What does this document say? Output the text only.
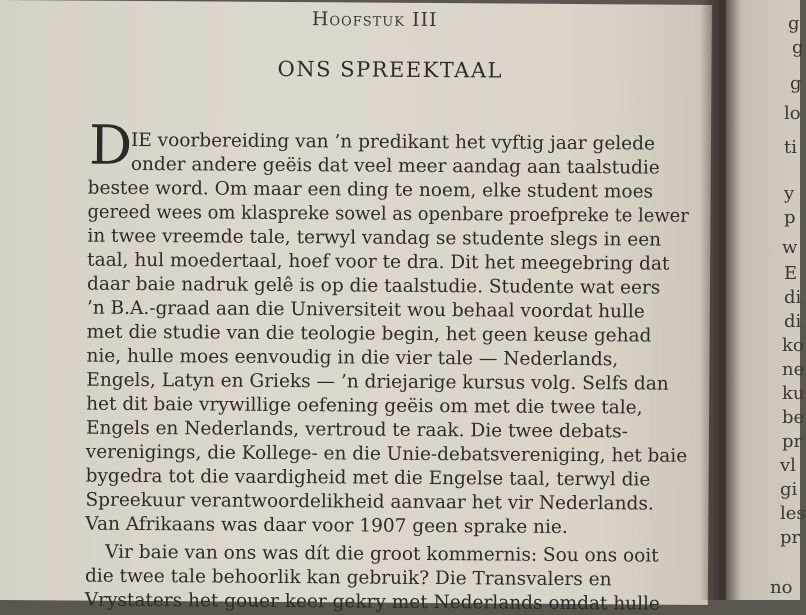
g
g
g
lo
ti
y
p
w
E
di
di
ko
ne
ku
be
pr
vl
gi
les
pr
no
Hoofstuk III
ONS SPREEKTAAL
D
IE voorbereiding van ’n predikant het vyftig jaar gelede
onder andere geëis dat veel meer aandag aan taalstudie
bestee word. Om maar een ding te noem, elke student moes
gereed wees om klaspreke sowel as openbare proefpreke te lewer
in twee vreemde tale, terwyl vandag se studente slegs in een
taal, hul moedertaal, hoef voor te dra. Dit het meegebring dat
daar baie nadruk gelê is op die taalstudie. Studente wat eers
’n B.A.-graad aan die Universiteit wou behaal voordat hulle
met die studie van die teologie begin, het geen keuse gehad
nie, hulle moes eenvoudig in die vier tale — Nederlands,
Engels, Latyn en Grieks — ’n driejarige kursus volg. Selfs dan
het dit baie vrywillige oefening geëis om met die twee tale,
Engels en Nederlands, vertroud te raak. Die twee debats-
verenigings, die Kollege- en die Unie-debatsvereniging, het baie
bygedra tot die vaardigheid met die Engelse taal, terwyl die
Spreekuur verantwoordelikheid aanvaar het vir Nederlands.
Van Afrikaans was daar voor 1907 geen sprake nie.
Vir baie van ons was dít die groot kommernis: Sou ons ooit
die twee tale behoorlik kan gebruik? Die Transvalers en
Vrystaters het gouer keer gekry met Nederlands omdat hulle
